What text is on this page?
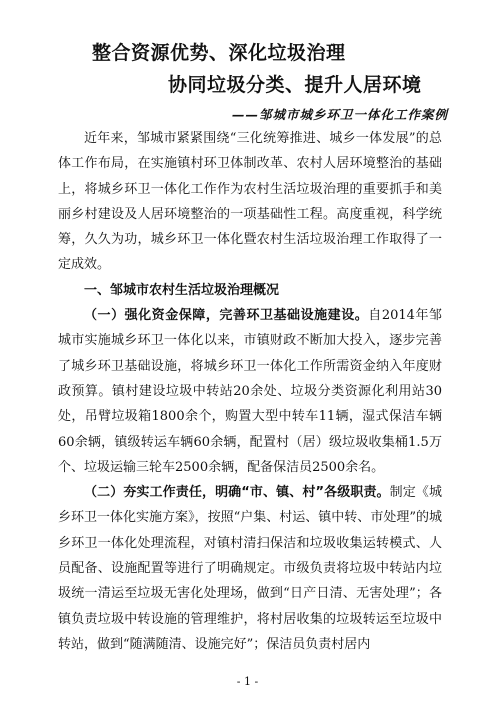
整合资源优势、深化垃圾治理
协同垃圾分类、提升人居环境
——邹城市城乡环卫一体化工作案例

近年来，邹城市紧紧围绕“三化统筹推进、城乡一体发展”的总体工作布局，在实施镇村环卫体制改革、农村人居环境整治的基础上，将城乡环卫一体化工作作为农村生活垃圾治理的重要抓手和美丽乡村建设及人居环境整治的一项基础性工程。高度重视，科学统筹，久久为功，城乡环卫一体化暨农村生活垃圾治理工作取得了一定成效。

一、邹城市农村生活垃圾治理概况

（一）强化资金保障，完善环卫基础设施建设。自2014年邹城市实施城乡环卫一体化以来，市镇财政不断加大投入，逐步完善了城乡环卫基础设施，将城乡环卫一体化工作所需资金纳入年度财政预算。镇村建设垃圾中转站20余处、垃圾分类资源化利用站30处，吊臂垃圾箱1800余个，购置大型中转车11辆，湿式保洁车辆60余辆，镇级转运车辆60余辆，配置村（居）级垃圾收集桶1.5万个、垃圾运输三轮车2500余辆，配备保洁员2500余名。

（二）夯实工作责任，明确“市、镇、村”各级职责。制定《城乡环卫一体化实施方案》，按照“户集、村运、镇中转、市处理”的城乡环卫一体化处理流程，对镇村清扫保洁和垃圾收集运转模式、人员配备、设施配置等进行了明确规定。市级负责将垃圾中转站内垃圾统一清运至垃圾无害化处理场，做到“日产日清、无害处理”；各镇负责垃圾中转设施的管理维护，将村居收集的垃圾转运至垃圾中转站，做到“随满随清、设施完好”；保洁员负责村居内

- 1 -
